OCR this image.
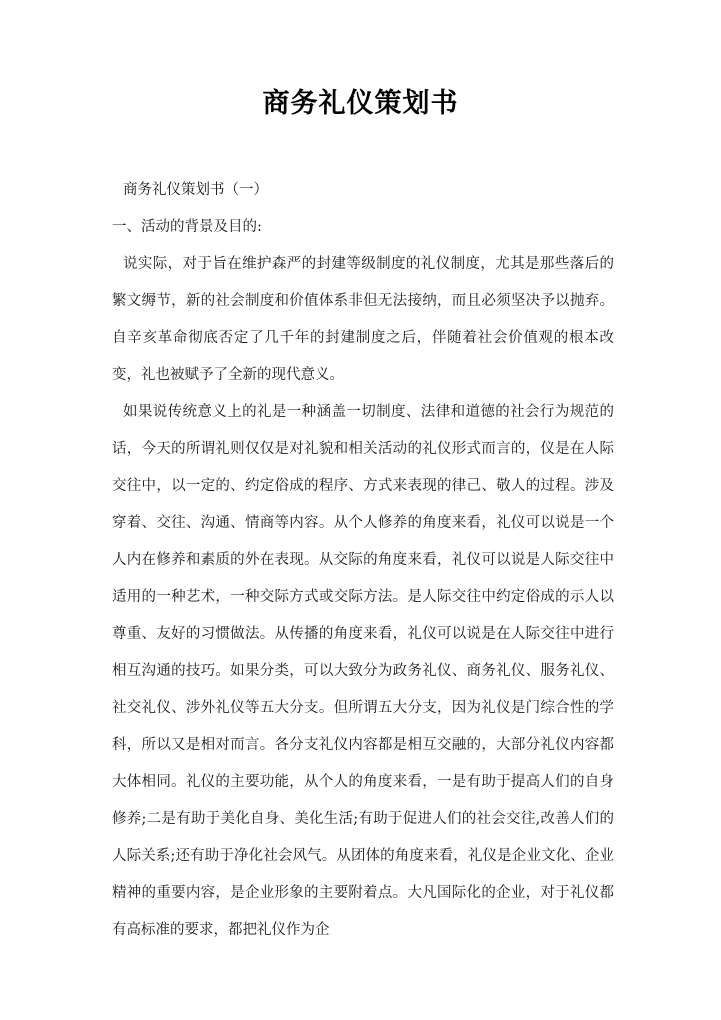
商务礼仪策划书

商务礼仪策划书（一）

一、活动的背景及目的:

说实际，对于旨在维护森严的封建等级制度的礼仪制度，尤其是那些落后的繁文缛节，新的社会制度和价值体系非但无法接纳，而且必须坚决予以抛弃。自辛亥革命彻底否定了几千年的封建制度之后，伴随着社会价值观的根本改变，礼也被赋予了全新的现代意义。

如果说传统意义上的礼是一种涵盖一切制度、法律和道德的社会行为规范的话，今天的所谓礼则仅仅是对礼貌和相关活动的礼仪形式而言的，仪是在人际交往中，以一定的、约定俗成的程序、方式来表现的律己、敬人的过程。涉及穿着、交往、沟通、情商等内容。从个人修养的角度来看，礼仪可以说是一个人内在修养和素质的外在表现。从交际的角度来看，礼仪可以说是人际交往中适用的一种艺术，一种交际方式或交际方法。是人际交往中约定俗成的示人以尊重、友好的习惯做法。从传播的角度来看，礼仪可以说是在人际交往中进行相互沟通的技巧。如果分类，可以大致分为政务礼仪、商务礼仪、服务礼仪、社交礼仪、涉外礼仪等五大分支。但所谓五大分支，因为礼仪是门综合性的学科，所以又是相对而言。各分支礼仪内容都是相互交融的，大部分礼仪内容都大体相同。礼仪的主要功能，从个人的角度来看，一是有助于提高人们的自身修养;二是有助于美化自身、美化生活;有助于促进人们的社会交往,改善人们的人际关系;还有助于净化社会风气。从团体的角度来看，礼仪是企业文化、企业精神的重要内容，是企业形象的主要附着点。大凡国际化的企业，对于礼仪都有高标准的要求，都把礼仪作为企
